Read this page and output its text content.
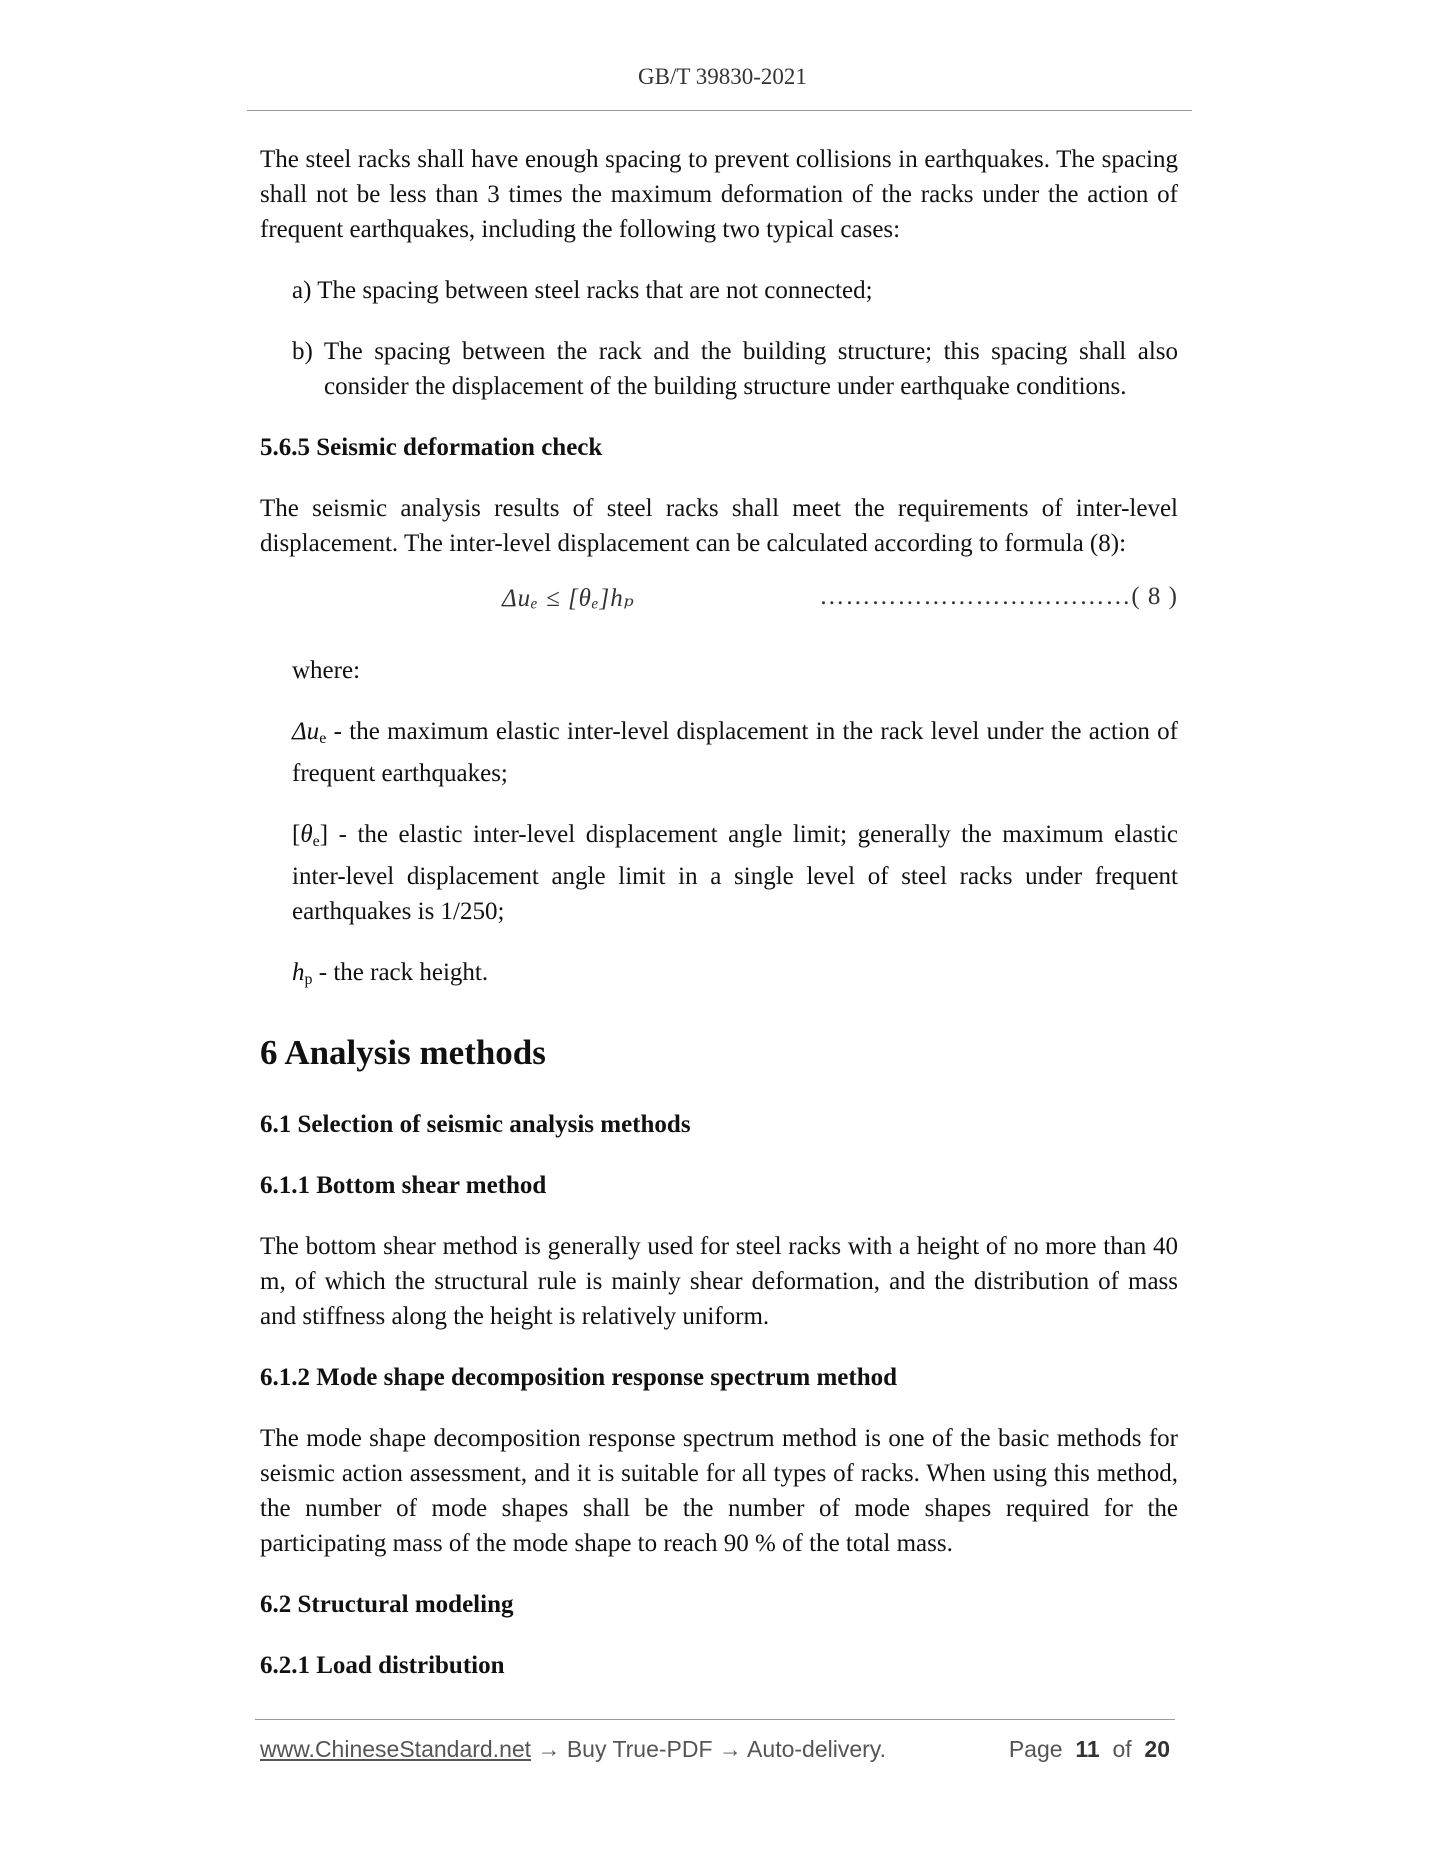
GB/T 39830-2021

The steel racks shall have enough spacing to prevent collisions in earthquakes. The spacing shall not be less than 3 times the maximum deformation of the racks under the action of frequent earthquakes, including the following two typical cases:

a) The spacing between steel racks that are not connected;

b) The spacing between the rack and the building structure; this spacing shall also consider the displacement of the building structure under earthquake conditions.

5.6.5 Seismic deformation check

The seismic analysis results of steel racks shall meet the requirements of inter-level displacement. The inter-level displacement can be calculated according to formula (8):

Δuₑ ≤ [θₑ]hₚ	………………………………( 8 )

where:

$\Delta u_e$ - the maximum elastic inter-level displacement in the rack level under the action of frequent earthquakes;

$[\theta_e]$ - the elastic inter-level displacement angle limit; generally the maximum elastic inter-level displacement angle limit in a single level of steel racks under frequent earthquakes is 1/250;

$h_p$ - the rack height.

6 Analysis methods
6.1 Selection of seismic analysis methods
6.1.1 Bottom shear method

The bottom shear method is generally used for steel racks with a height of no more than 40 m, of which the structural rule is mainly shear deformation, and the distribution of mass and stiffness along the height is relatively uniform.

6.1.2 Mode shape decomposition response spectrum method

The mode shape decomposition response spectrum method is one of the basic methods for seismic action assessment, and it is suitable for all types of racks. When using this method, the number of mode shapes shall be the number of mode shapes required for the participating mass of the mode shape to reach 90 % of the total mass.

6.2 Structural modeling
6.2.1 Load distribution
www.ChineseStandard.net → Buy True-PDF → Auto-delivery.	Page 11 of 20
